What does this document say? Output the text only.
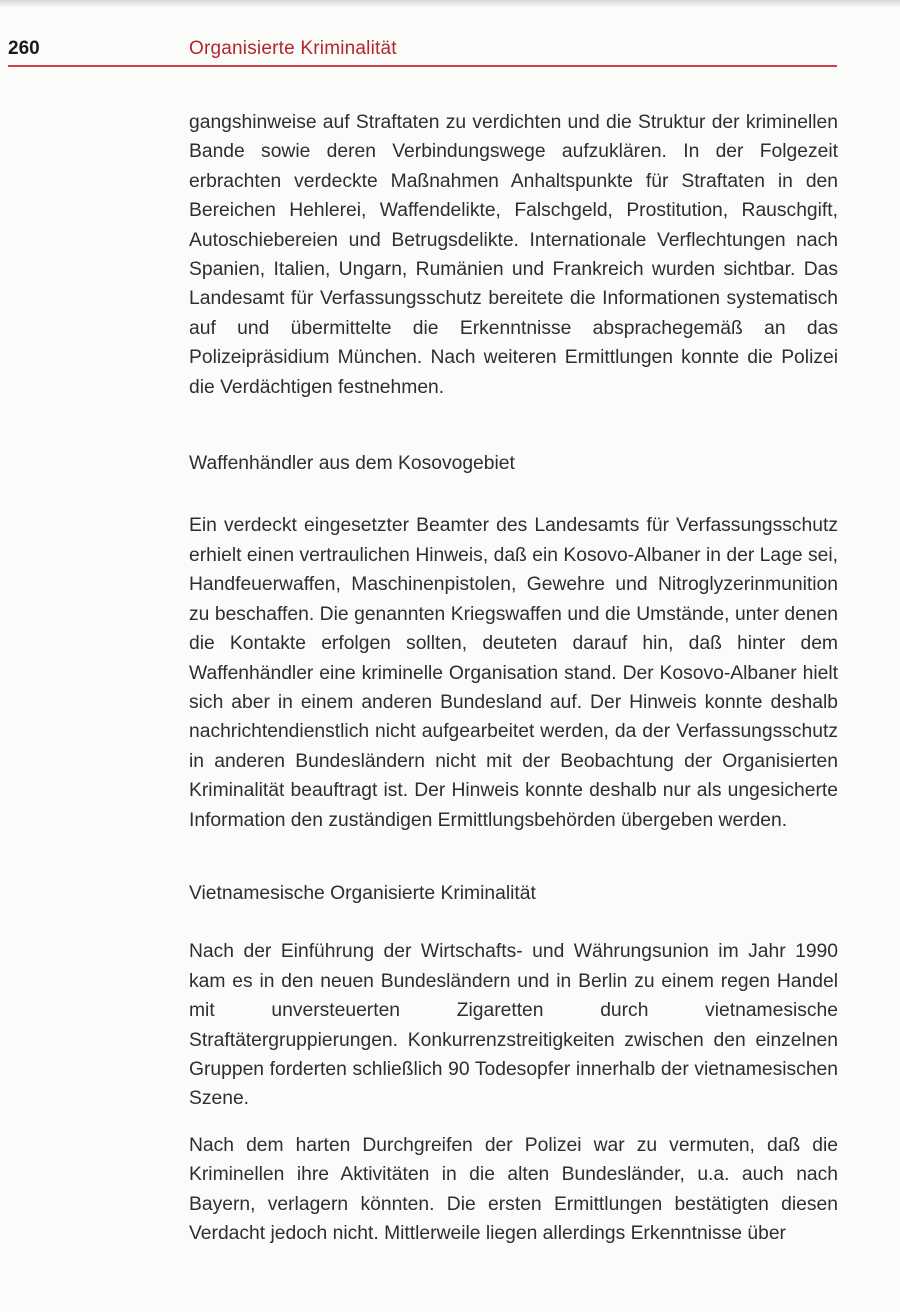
260	Organisierte Kriminalität

gangshinweise auf Straftaten zu verdichten und die Struktur der kriminellen Bande sowie deren Verbindungswege aufzuklären. In der Folgezeit erbrachten verdeckte Maßnahmen Anhaltspunkte für Straftaten in den Bereichen Hehlerei, Waffendelikte, Falschgeld, Prostitution, Rauschgift, Autoschiebereien und Betrugsdelikte. Internationale Verflechtungen nach Spanien, Italien, Ungarn, Rumänien und Frankreich wurden sichtbar. Das Landesamt für Verfassungsschutz bereitete die Informationen systematisch auf und übermittelte die Erkenntnisse absprachegemäß an das Polizeipräsidium München. Nach weiteren Ermittlungen konnte die Polizei die Verdächtigen festnehmen.

Waffenhändler aus dem Kosovogebiet

Ein verdeckt eingesetzter Beamter des Landesamts für Verfassungsschutz erhielt einen vertraulichen Hinweis, daß ein Kosovo-Albaner in der Lage sei, Handfeuerwaffen, Maschinenpistolen, Gewehre und Nitroglyzerinmunition zu beschaffen. Die genannten Kriegswaffen und die Umstände, unter denen die Kontakte erfolgen sollten, deuteten darauf hin, daß hinter dem Waffenhändler eine kriminelle Organisation stand. Der Kosovo-Albaner hielt sich aber in einem anderen Bundesland auf. Der Hinweis konnte deshalb nachrichtendienstlich nicht aufgearbeitet werden, da der Verfassungsschutz in anderen Bundesländern nicht mit der Beobachtung der Organisierten Kriminalität beauftragt ist. Der Hinweis konnte deshalb nur als ungesicherte Information den zuständigen Ermittlungsbehörden übergeben werden.

Vietnamesische Organisierte Kriminalität

Nach der Einführung der Wirtschafts- und Währungsunion im Jahr 1990 kam es in den neuen Bundesländern und in Berlin zu einem regen Handel mit unversteuerten Zigaretten durch vietnamesische Straftätergruppierungen. Konkurrenzstreitigkeiten zwischen den einzelnen Gruppen forderten schließlich 90 Todesopfer innerhalb der vietnamesischen Szene.

Nach dem harten Durchgreifen der Polizei war zu vermuten, daß die Kriminellen ihre Aktivitäten in die alten Bundesländer, u.a. auch nach Bayern, verlagern könnten. Die ersten Ermittlungen bestätigten diesen Verdacht jedoch nicht. Mittlerweile liegen allerdings Erkenntnisse über
